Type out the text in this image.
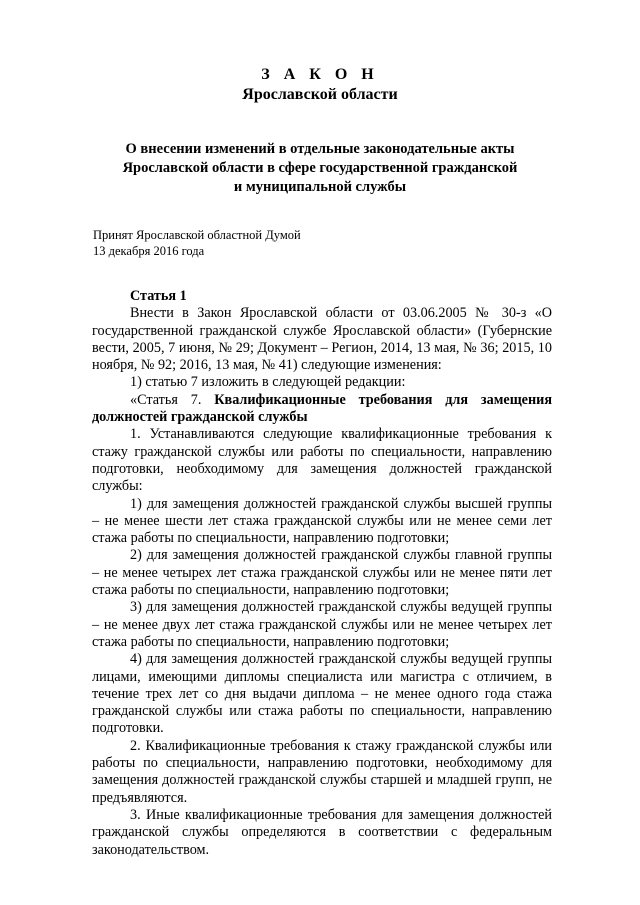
З А К О Н
Ярославской области
О внесении изменений в отдельные законодательные акты
Ярославской области в сфере государственной гражданской
и муниципальной службы
Принят Ярославской областной Думой
13 декабря 2016 года

Статья 1

Внести в Закон Ярославской области от 03.06.2005 № 30-з «О государственной гражданской службе Ярославской области» (Губернские вести, 2005, 7 июня, № 29; Документ – Регион, 2014, 13 мая, № 36; 2015, 10 ноября, № 92; 2016, 13 мая, № 41) следующие изменения:

1) статью 7 изложить в следующей редакции:

«Статья 7. Квалификационные требования для замещения должностей гражданской службы

1. Устанавливаются следующие квалификационные требования к стажу гражданской службы или работы по специальности, направлению подготовки, необходимому для замещения должностей гражданской службы:

1) для замещения должностей гражданской службы высшей группы – не менее шести лет стажа гражданской службы или не менее семи лет стажа работы по специальности, направлению подготовки;

2) для замещения должностей гражданской службы главной группы – не менее четырех лет стажа гражданской службы или не менее пяти лет стажа работы по специальности, направлению подготовки;

3) для замещения должностей гражданской службы ведущей группы – не менее двух лет стажа гражданской службы или не менее четырех лет стажа работы по специальности, направлению подготовки;

4) для замещения должностей гражданской службы ведущей группы лицами, имеющими дипломы специалиста или магистра с отличием, в течение трех лет со дня выдачи диплома – не менее одного года стажа гражданской службы или стажа работы по специальности, направлению подготовки.

2. Квалификационные требования к стажу гражданской службы или работы по специальности, направлению подготовки, необходимому для замещения должностей гражданской службы старшей и младшей групп, не предъявляются.

3. Иные квалификационные требования для замещения должностей гражданской службы определяются в соответствии с федеральным законодательством.
